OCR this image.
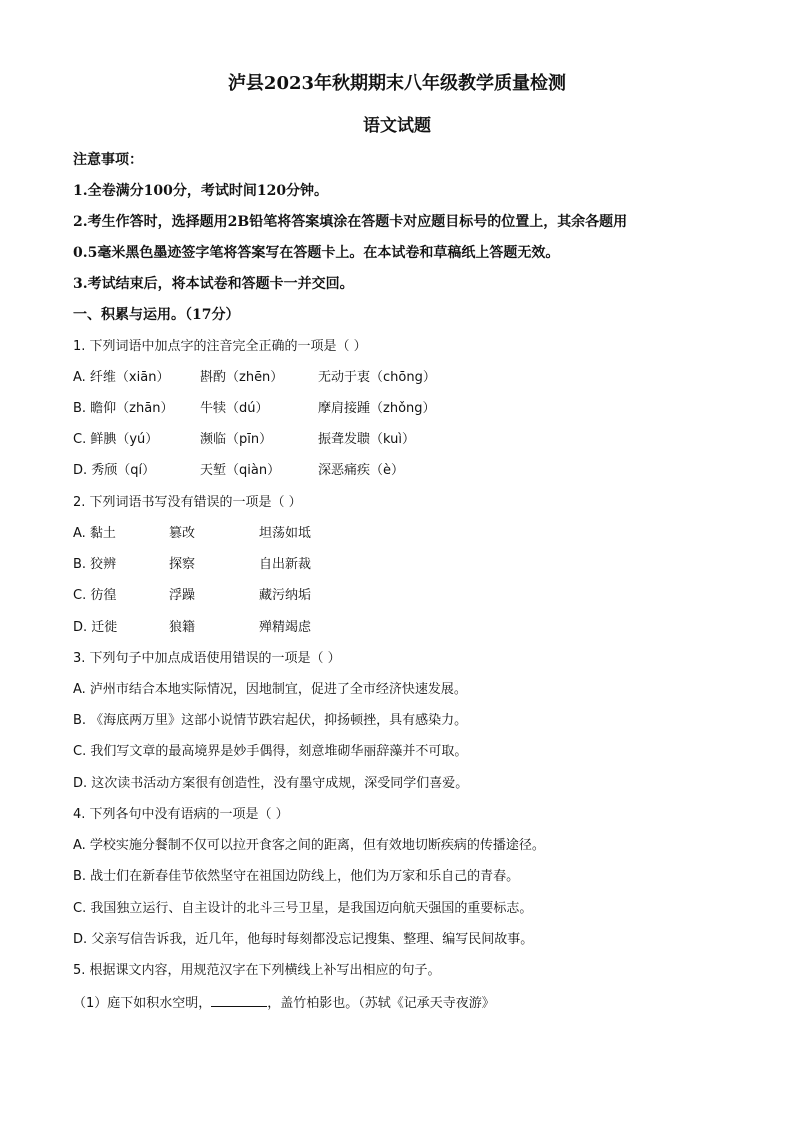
泸县2023年秋期期末八年级教学质量检测
语文试题
注意事项：
1.全卷满分100分，考试时间120分钟。
2.考生作答时，选择题用2B铅笔将答案填涂在答题卡对应题目标号的位置上，其余各题用
0.5毫米黑色墨迹签字笔将答案写在答题卡上。在本试卷和草稿纸上答题无效。
3.考试结束后，将本试卷和答题卡一并交回。
一、积累与运用。（17分）
1. 下列词语中加点字的注音完全正确的一项是（ ）
A. 纤维（xiān） 斟酌（zhēn）	无动于衷（chōng）
B. 瞻仰（zhān） 牛犊（dú）	摩肩接踵（zhǒng）
C. 鲜腆（yú）	濒临（pīn）	振聋发聩（kuì）
D. 秀颀（qí）	天堑（qiàn）	深恶痛疾（è）
2. 下列词语书写没有错误的一项是（ ）
A. 黏土	篡改	坦荡如坻
B. 狡辨	探察	自出新裁
C. 彷徨	浮躁	藏污纳垢
D. 迁徙	狼籍	殚精竭虑
3. 下列句子中加点成语使用错误的一项是（ ）
A. 泸州市结合本地实际情况，因地制宜，促进了全市经济快速发展。
B. 《海底两万里》这部小说情节跌宕起伏，抑扬顿挫，具有感染力。
C. 我们写文章的最高境界是妙手偶得，刻意堆砌华丽辞藻并不可取。
D. 这次读书活动方案很有创造性，没有墨守成规，深受同学们喜爱。
4. 下列各句中没有语病的一项是（ ）
A. 学校实施分餐制不仅可以拉开食客之间的距离，但有效地切断疾病的传播途径。
B. 战士们在新春佳节依然坚守在祖国边防线上，他们为万家和乐自己的青春。
C. 我国独立运行、自主设计的北斗三号卫星，是我国迈向航天强国的重要标志。
D. 父亲写信告诉我，近几年，他每时每刻都没忘记搜集、整理、编写民间故事。
5. 根据课文内容，用规范汉字在下列横线上补写出相应的句子。
（1）庭下如积水空明，	，盖竹柏影也。（苏轼《记承天寺夜游》
